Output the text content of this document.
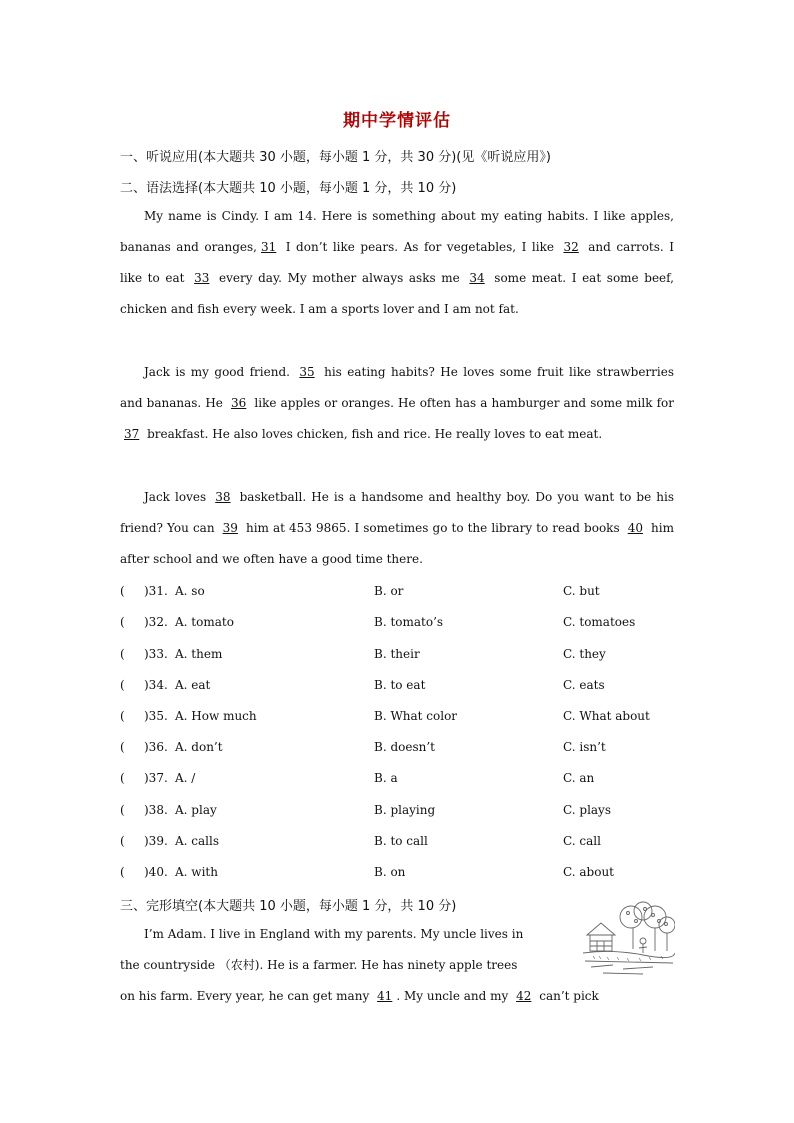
期中学情评估
一、听说应用(本大题共 30 小题，每小题 1 分，共 30 分)(见《听说应用》)
二、语法选择(本大题共 10 小题，每小题 1 分，共 10 分)
My name is Cindy. I am 14. Here is something about my eating habits. I like apples, bananas and oranges, 31 I don’t like pears. As for vegetables, I like 32 and carrots. I like to eat 33 every day. My mother always asks me 34 some meat. I eat some beef, chicken and fish every week. I am a sports lover and I am not fat.
Jack is my good friend. 35 his eating habits? He loves some fruit like strawberries and bananas. He 36 like apples or oranges. He often has a hamburger and some milk for 37 breakfast. He also loves chicken, fish and rice. He really loves to eat meat.
Jack loves 38 basketball. He is a handsome and healthy boy. Do you want to be his friend? You can 39 him at 453 9865. I sometimes go to the library to read books 40 him after school and we often have a good time there.
( )31. A. so	B. or	C. but
( )32. A. tomato	B. tomato’s	C. tomatoes
( )33. A. them	B. their	C. they
( )34. A. eat	B. to eat	C. eats
( )35. A. How much	B. What color	C. What about
( )36. A. don’t	B. doesn’t	C. isn’t
( )37. A. /	B. a	C. an
( )38. A. play	B. playing	C. plays
( )39. A. calls	B. to call	C. call
( )40. A. with	B. on	C. about
三、完形填空(本大题共 10 小题，每小题 1 分，共 10 分)
I’m Adam. I live in England with my parents. My uncle lives in
the countryside （农村). He is a farmer. He has ninety apple trees
on his farm. Every year, he can get many 41 . My uncle and my 42 can’t pick
